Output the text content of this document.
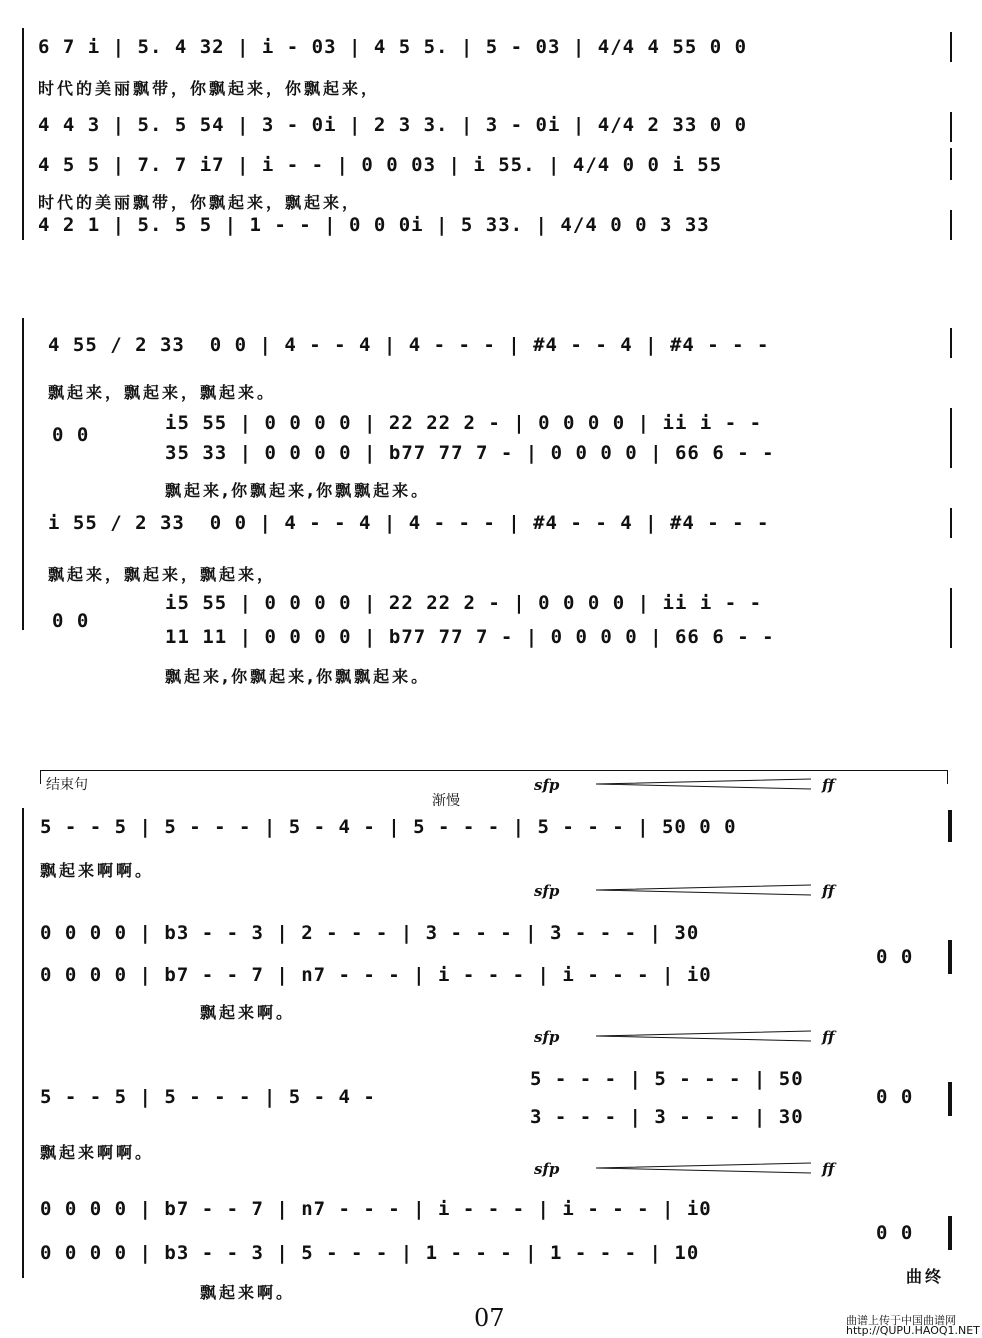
6 7 i | 5. 4 32 | i - 03 | 4 5 5. | 5 - 03 | 4/4 4 55 0 0
时代的美丽飘带，你飘起来，你飘起来，
4 4 3 | 5. 5 54 | 3 - 0i | 2 3 3. | 3 - 0i | 4/4 2 33 0 0
4 5 5 | 7. 7 i7 | i - - | 0 0 03 | i 55. | 4/4 0 0 i 55
时代的美丽飘带，你飘起来，飘起来，
4 2 1 | 5. 5 5 | 1 - - | 0 0 0i | 5 33. | 4/4 0 0 3 33
4 55 / 2 33  0 0 | 4 - - 4 | 4 - - - | #4 - - 4 | #4 - - -
飘起来，飘起来，飘起来。
0 0
i5 55 | 0 0 0 0 | 22 22 2 - | 0 0 0 0 | ii i - -
35 33 | 0 0 0 0 | b77 77 7 - | 0 0 0 0 | 66 6 - -
飘起来,你飘起来,你飘飘起来。
i 55 / 2 33  0 0 | 4 - - 4 | 4 - - - | #4 - - 4 | #4 - - -
飘起来，飘起来，飘起来，
0 0
i5 55 | 0 0 0 0 | 22 22 2 - | 0 0 0 0 | ii i - -
11 11 | 0 0 0 0 | b77 77 7 - | 0 0 0 0 | 66 6 - -
飘起来,你飘起来,你飘飘起来。
结束句
渐慢
sfp	ff
sfp	ff
sfp	ff
sfp	ff
5 - - 5 | 5 - - - | 5 - 4 - | 5 - - - | 5 - - - | 50 0 0
飘起来啊啊。
0 0 0 0 | b3 - - 3 | 2 - - - | 3 - - - | 3 - - - | 30
0 0 0 0 | b7 - - 7 | n7 - - - | i - - - | i - - - | i0
0 0
飘起来啊。
5 - - 5 | 5 - - - | 5 - 4 -
5 - - - | 5 - - - | 50
3 - - - | 3 - - - | 30
0 0
飘起来啊啊。
0 0 0 0 | b7 - - 7 | n7 - - - | i - - - | i - - - | i0
0 0 0 0 | b3 - - 3 | 5 - - - | 1 - - - | 1 - - - | 10
0 0
飘起来啊。
曲终
07	曲谱上传于中国曲谱网
http://QUPU.HAOQ1.NET
